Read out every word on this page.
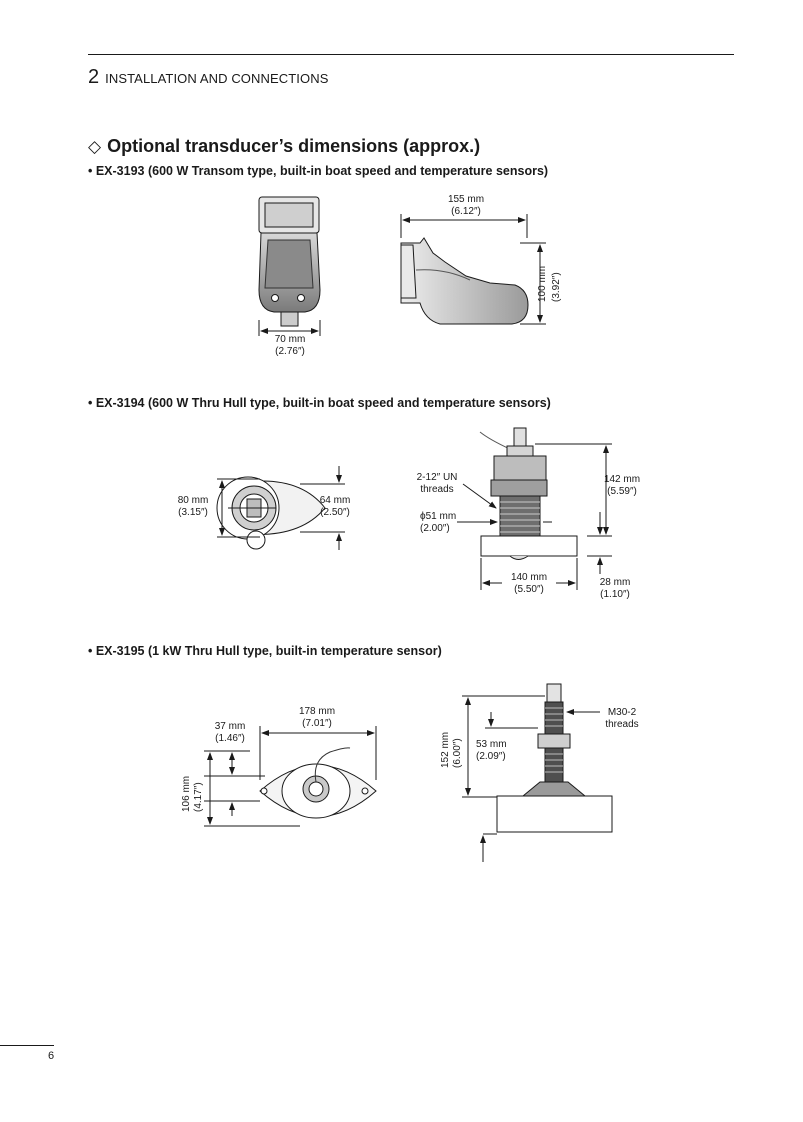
2 INSTALLATION AND CONNECTIONS
◇ Optional transducer’s dimensions (approx.)
• EX-3193 (600 W Transom type, built-in boat speed and temperature sensors)
70 mm
(2.76″)
155 mm
(6.12″)
100 mm (3.92″)
• EX-3194 (600 W Thru Hull type, built-in boat speed and temperature sensors)
80 mm
(3.15″)
64 mm
(2.50″)
2-12″ UN
threads
ϕ51 mm
(2.00″)
142 mm
(5.59″)
140 mm
(5.50″)
28 mm
(1.10″)
• EX-3195 (1 kW Thru Hull type, built-in temperature sensor)
178 mm
(7.01″)
37 mm
(1.46″)
106 mm (4.17″)
152 mm (6.00″) 53 mm
(2.09″)
M30-2
threads
6
